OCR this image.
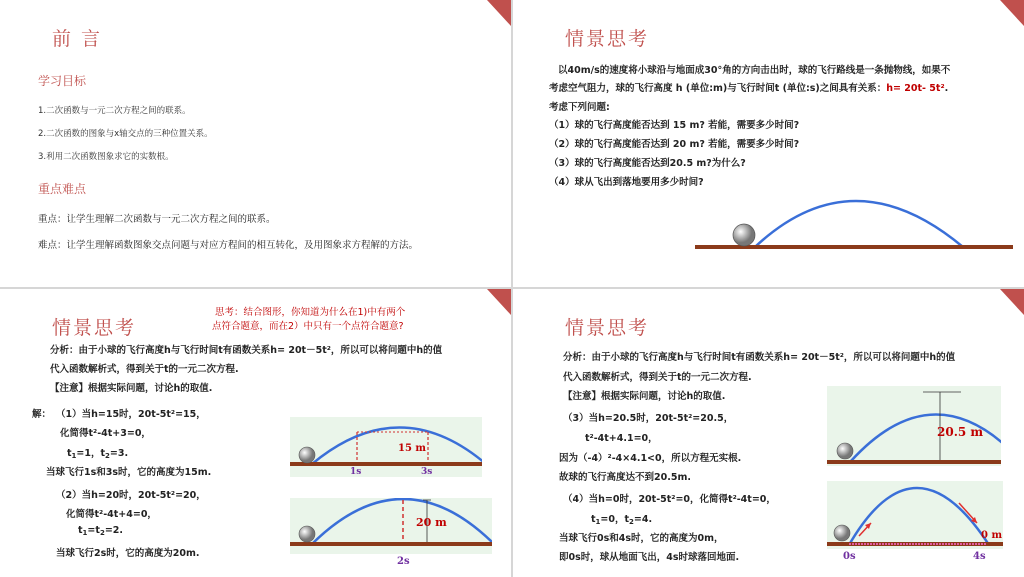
前 言
学习目标
1.二次函数与一元二次方程之间的联系。
2.二次函数的图象与x轴交点的三种位置关系。
3.利用二次函数图象求它的实数根。
重点难点
重点：让学生理解二次函数与一元二次方程之间的联系。
难点：让学生理解函数图象交点问题与对应方程间的相互转化，及用图象求方程解的方法。
情景思考
以40m/s的速度将小球沿与地面成30°角的方向击出时，球的飞行路线是一条抛物线，如果不
考虑空气阻力，球的飞行高度 h (单位:m)与飞行时间t (单位:s)之间具有关系：h= 20t- 5t².
考虑下列问题:
（1）球的飞行高度能否达到 15 m? 若能，需要多少时间?
（2）球的飞行高度能否达到 20 m? 若能，需要多少时间?
（3）球的飞行高度能否达到20.5 m?为什么?
（4）球从飞出到落地要用多少时间?
情景思考
思考：结合图形，你知道为什么在1)中有两个
点符合题意，而在2）中只有一个点符合题意?
分析：由于小球的飞行高度h与飞行时间t有函数关系h= 20t－5t²，所以可以将问题中h的值
代入函数解析式，得到关于t的一元二次方程.
【注意】根据实际问题，讨论h的取值.
解： （1）当h=15时，20t-5t²=15，
化简得t²-4t+3=0，
$t_1=1$，$t_2=3$.
当球飞行1s和3s时，它的高度为15m.
（2）当h=20时，20t-5t²=20，
化简得t²-4t+4=0，
$t_1=t_2=2$.
当球飞行2s时，它的高度为20m.
15 m
1s	3s
20 m
2s
情景思考
分析：由于小球的飞行高度h与飞行时间t有函数关系h= 20t－5t²，所以可以将问题中h的值
代入函数解析式，得到关于t的一元二次方程.
【注意】根据实际问题，讨论h的取值.
（3）当h=20.5时，20t-5t²=20.5，
t²-4t+4.1=0，
因为（-4）²-4×4.1<0，所以方程无实根.
故球的飞行高度达不到20.5m.
（4）当h=0时，20t-5t²=0，化简得t²-4t=0，
$t_1=0$，$t_2=4$.
当球飞行0s和4s时，它的高度为0m，
即0s时，球从地面飞出，4s时球落回地面.
20.5 m
0 m
0s	4s
